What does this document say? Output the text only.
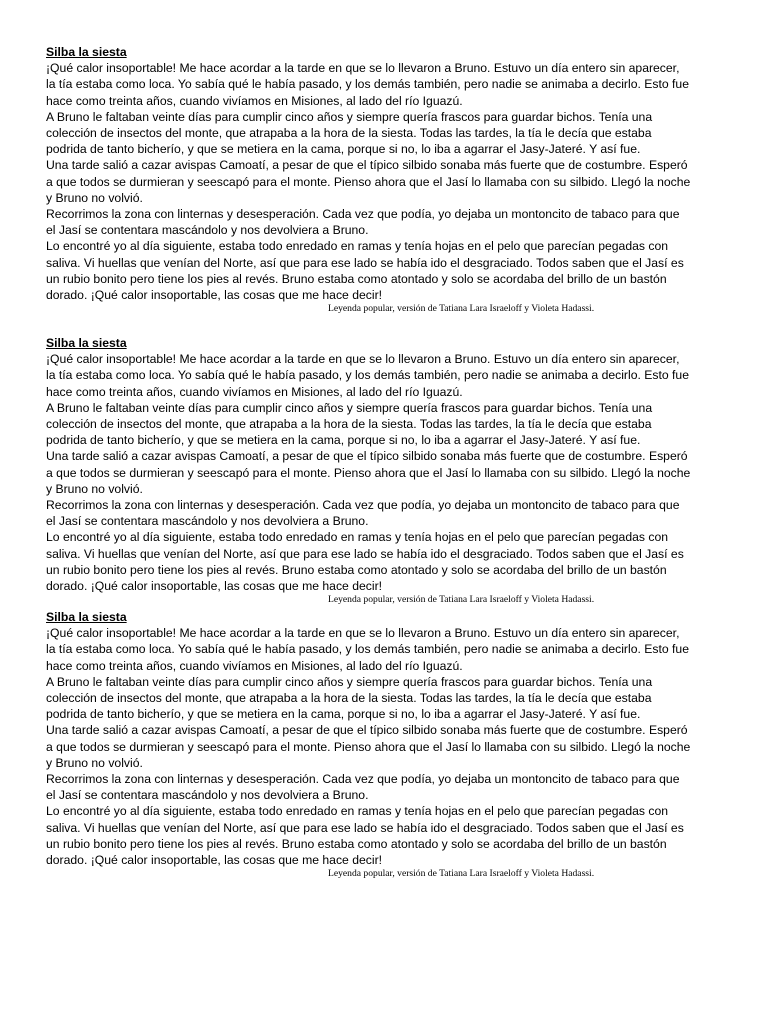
Silba la siesta
¡Qué calor insoportable! Me hace acordar a la tarde en que se lo llevaron a Bruno. Estuvo un día entero sin aparecer,
la tía estaba como loca. Yo sabía qué le había pasado, y los demás también, pero nadie se animaba a decirlo. Esto fue
hace como treinta años, cuando vivíamos en Misiones, al lado del río Iguazú.
A Bruno le faltaban veinte días para cumplir cinco años y siempre quería frascos para guardar bichos. Tenía una
colección de insectos del monte, que atrapaba a la hora de la siesta. Todas las tardes, la tía le decía que estaba
podrida de tanto bicherío, y que se metiera en la cama, porque si no, lo iba a agarrar el Jasy-Jateré. Y así fue.
Una tarde salió a cazar avispas Camoatí, a pesar de que el típico silbido sonaba más fuerte que de costumbre. Esperó
a que todos se durmieran y seescapó para el monte. Pienso ahora que el Jasí lo llamaba con su silbido. Llegó la noche
y Bruno no volvió.
Recorrimos la zona con linternas y desesperación. Cada vez que podía, yo dejaba un montoncito de tabaco para que
el Jasí se contentara mascándolo y nos devolviera a Bruno.
Lo encontré yo al día siguiente, estaba todo enredado en ramas y tenía hojas en el pelo que parecían pegadas con
saliva. Vi huellas que venían del Norte, así que para ese lado se había ido el desgraciado. Todos saben que el Jasí es
un rubio bonito pero tiene los pies al revés. Bruno estaba como atontado y solo se acordaba del brillo de un bastón
dorado. ¡Qué calor insoportable, las cosas que me hace decir!
Leyenda popular, versión de Tatiana Lara Israeloff y Violeta Hadassi.
Silba la siesta
¡Qué calor insoportable! Me hace acordar a la tarde en que se lo llevaron a Bruno. Estuvo un día entero sin aparecer,
la tía estaba como loca. Yo sabía qué le había pasado, y los demás también, pero nadie se animaba a decirlo. Esto fue
hace como treinta años, cuando vivíamos en Misiones, al lado del río Iguazú.
A Bruno le faltaban veinte días para cumplir cinco años y siempre quería frascos para guardar bichos. Tenía una
colección de insectos del monte, que atrapaba a la hora de la siesta. Todas las tardes, la tía le decía que estaba
podrida de tanto bicherío, y que se metiera en la cama, porque si no, lo iba a agarrar el Jasy-Jateré. Y así fue.
Una tarde salió a cazar avispas Camoatí, a pesar de que el típico silbido sonaba más fuerte que de costumbre. Esperó
a que todos se durmieran y seescapó para el monte. Pienso ahora que el Jasí lo llamaba con su silbido. Llegó la noche
y Bruno no volvió.
Recorrimos la zona con linternas y desesperación. Cada vez que podía, yo dejaba un montoncito de tabaco para que
el Jasí se contentara mascándolo y nos devolviera a Bruno.
Lo encontré yo al día siguiente, estaba todo enredado en ramas y tenía hojas en el pelo que parecían pegadas con
saliva. Vi huellas que venían del Norte, así que para ese lado se había ido el desgraciado. Todos saben que el Jasí es
un rubio bonito pero tiene los pies al revés. Bruno estaba como atontado y solo se acordaba del brillo de un bastón
dorado. ¡Qué calor insoportable, las cosas que me hace decir!
Leyenda popular, versión de Tatiana Lara Israeloff y Violeta Hadassi.
Silba la siesta
¡Qué calor insoportable! Me hace acordar a la tarde en que se lo llevaron a Bruno. Estuvo un día entero sin aparecer,
la tía estaba como loca. Yo sabía qué le había pasado, y los demás también, pero nadie se animaba a decirlo. Esto fue
hace como treinta años, cuando vivíamos en Misiones, al lado del río Iguazú.
A Bruno le faltaban veinte días para cumplir cinco años y siempre quería frascos para guardar bichos. Tenía una
colección de insectos del monte, que atrapaba a la hora de la siesta. Todas las tardes, la tía le decía que estaba
podrida de tanto bicherío, y que se metiera en la cama, porque si no, lo iba a agarrar el Jasy-Jateré. Y así fue.
Una tarde salió a cazar avispas Camoatí, a pesar de que el típico silbido sonaba más fuerte que de costumbre. Esperó
a que todos se durmieran y seescapó para el monte. Pienso ahora que el Jasí lo llamaba con su silbido. Llegó la noche
y Bruno no volvió.
Recorrimos la zona con linternas y desesperación. Cada vez que podía, yo dejaba un montoncito de tabaco para que
el Jasí se contentara mascándolo y nos devolviera a Bruno.
Lo encontré yo al día siguiente, estaba todo enredado en ramas y tenía hojas en el pelo que parecían pegadas con
saliva. Vi huellas que venían del Norte, así que para ese lado se había ido el desgraciado. Todos saben que el Jasí es
un rubio bonito pero tiene los pies al revés. Bruno estaba como atontado y solo se acordaba del brillo de un bastón
dorado. ¡Qué calor insoportable, las cosas que me hace decir!
Leyenda popular, versión de Tatiana Lara Israeloff y Violeta Hadassi.
